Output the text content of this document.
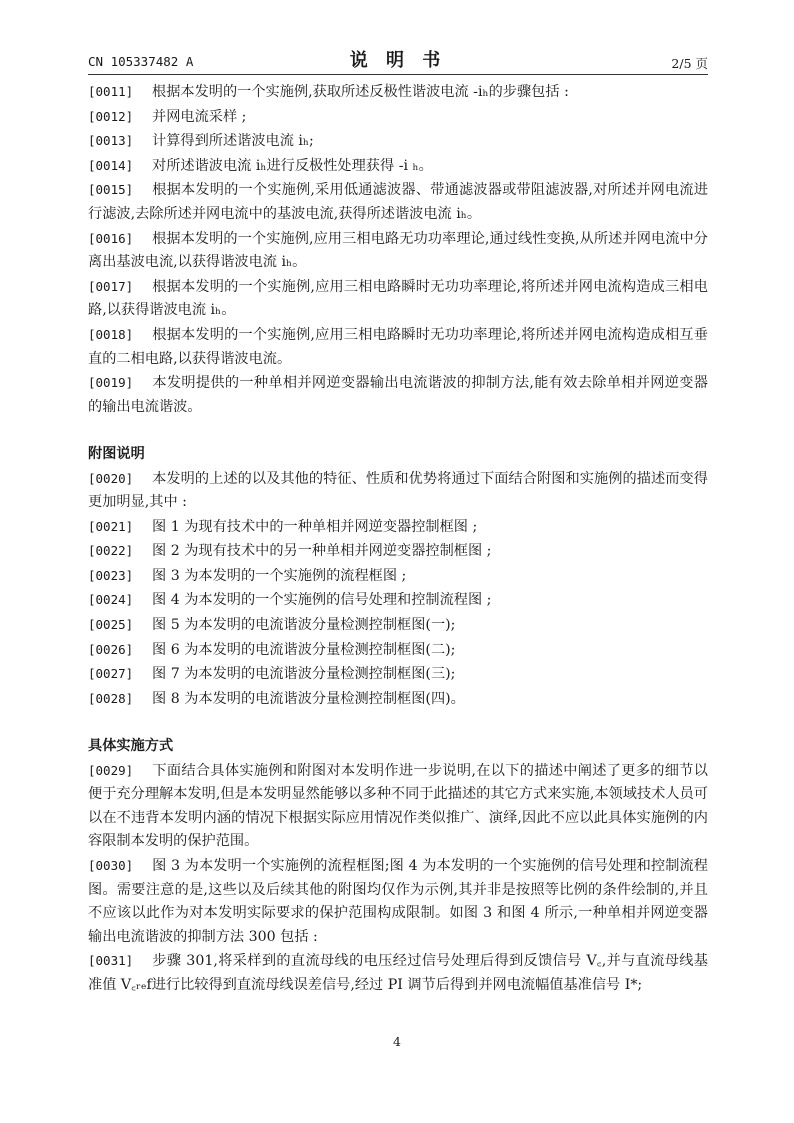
CN 105337482 A	说 明 书	2/5 页

[0011] 根据本发明的一个实施例,获取所述反极性谐波电流 -iₕ的步骤包括 :

[0012] 并网电流采样 ;

[0013] 计算得到所述谐波电流 iₕ;

[0014] 对所述谐波电流 iₕ进行反极性处理获得 -i ₕ。

[0015] 根据本发明的一个实施例,采用低通滤波器、带通滤波器或带阻滤波器,对所述并网电流进行滤波,去除所述并网电流中的基波电流,获得所述谐波电流 iₕ。

[0016] 根据本发明的一个实施例,应用三相电路无功功率理论,通过线性变换,从所述并网电流中分离出基波电流,以获得谐波电流 iₕ。

[0017] 根据本发明的一个实施例,应用三相电路瞬时无功功率理论,将所述并网电流构造成三相电路,以获得谐波电流 iₕ。

[0018] 根据本发明的一个实施例,应用三相电路瞬时无功功率理论,将所述并网电流构造成相互垂直的二相电路,以获得谐波电流。

[0019] 本发明提供的一种单相并网逆变器输出电流谐波的抑制方法,能有效去除单相并网逆变器的输出电流谐波。

附图说明

[0020] 本发明的上述的以及其他的特征、性质和优势将通过下面结合附图和实施例的描述而变得更加明显,其中 :

[0021] 图 1 为现有技术中的一种单相并网逆变器控制框图 ;

[0022] 图 2 为现有技术中的另一种单相并网逆变器控制框图 ;

[0023] 图 3 为本发明的一个实施例的流程框图 ;

[0024] 图 4 为本发明的一个实施例的信号处理和控制流程图 ;

[0025] 图 5 为本发明的电流谐波分量检测控制框图(一);

[0026] 图 6 为本发明的电流谐波分量检测控制框图(二);

[0027] 图 7 为本发明的电流谐波分量检测控制框图(三);

[0028] 图 8 为本发明的电流谐波分量检测控制框图(四)。

具体实施方式

[0029] 下面结合具体实施例和附图对本发明作进一步说明,在以下的描述中阐述了更多的细节以便于充分理解本发明,但是本发明显然能够以多种不同于此描述的其它方式来实施,本领域技术人员可以在不违背本发明内涵的情况下根据实际应用情况作类似推广、演绎,因此不应以此具体实施例的内容限制本发明的保护范围。

[0030] 图 3 为本发明一个实施例的流程框图;图 4 为本发明的一个实施例的信号处理和控制流程图。需要注意的是,这些以及后续其他的附图均仅作为示例,其并非是按照等比例的条件绘制的,并且不应该以此作为对本发明实际要求的保护范围构成限制。如图 3 和图 4 所示,一种单相并网逆变器输出电流谐波的抑制方法 300 包括 :

[0031] 步骤 301,将采样到的直流母线的电压经过信号处理后得到反馈信号 V꜀,并与直流母线基准值 V꜀ᵣₑf进行比较得到直流母线误差信号,经过 PI 调节后得到并网电流幅值基准信号 I*;

4
